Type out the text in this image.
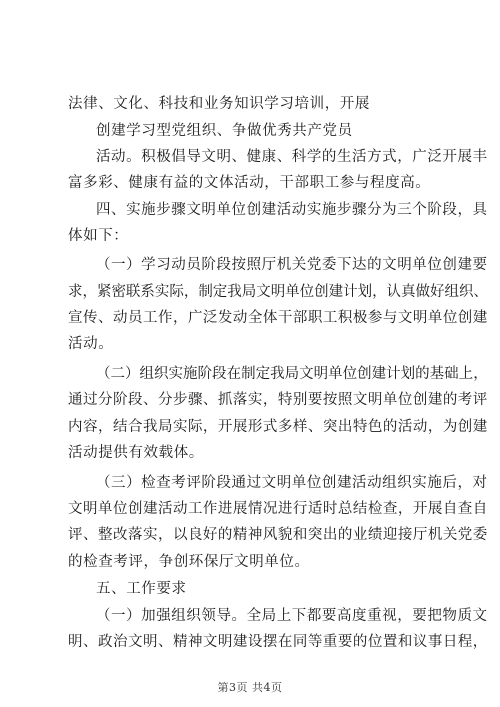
法律、文化、科技和业务知识学习培训，开展
创建学习型党组织、争做优秀共产党员
活动。积极倡导文明、健康、科学的生活方式，广泛开展丰
富多彩、健康有益的文体活动，干部职工参与程度高。
四、实施步骤文明单位创建活动实施步骤分为三个阶段，具
体如下：
（一）学习动员阶段按照厅机关党委下达的文明单位创建要
求，紧密联系实际，制定我局文明单位创建计划，认真做好组织、
宣传、动员工作，广泛发动全体干部职工积极参与文明单位创建
活动。
（二）组织实施阶段在制定我局文明单位创建计划的基础上，
通过分阶段、分步骤、抓落实，特别要按照文明单位创建的考评
内容，结合我局实际，开展形式多样、突出特色的活动，为创建
活动提供有效载体。
（三）检查考评阶段通过文明单位创建活动组织实施后，对
文明单位创建活动工作进展情况进行适时总结检查，开展自查自
评、整改落实，以良好的精神风貌和突出的业绩迎接厅机关党委
的检查考评，争创环保厅文明单位。
五、工作要求
（一）加强组织领导。全局上下都要高度重视，要把物质文
明、政治文明、精神文明建设摆在同等重要的位置和议事日程，
第3页 共4页
